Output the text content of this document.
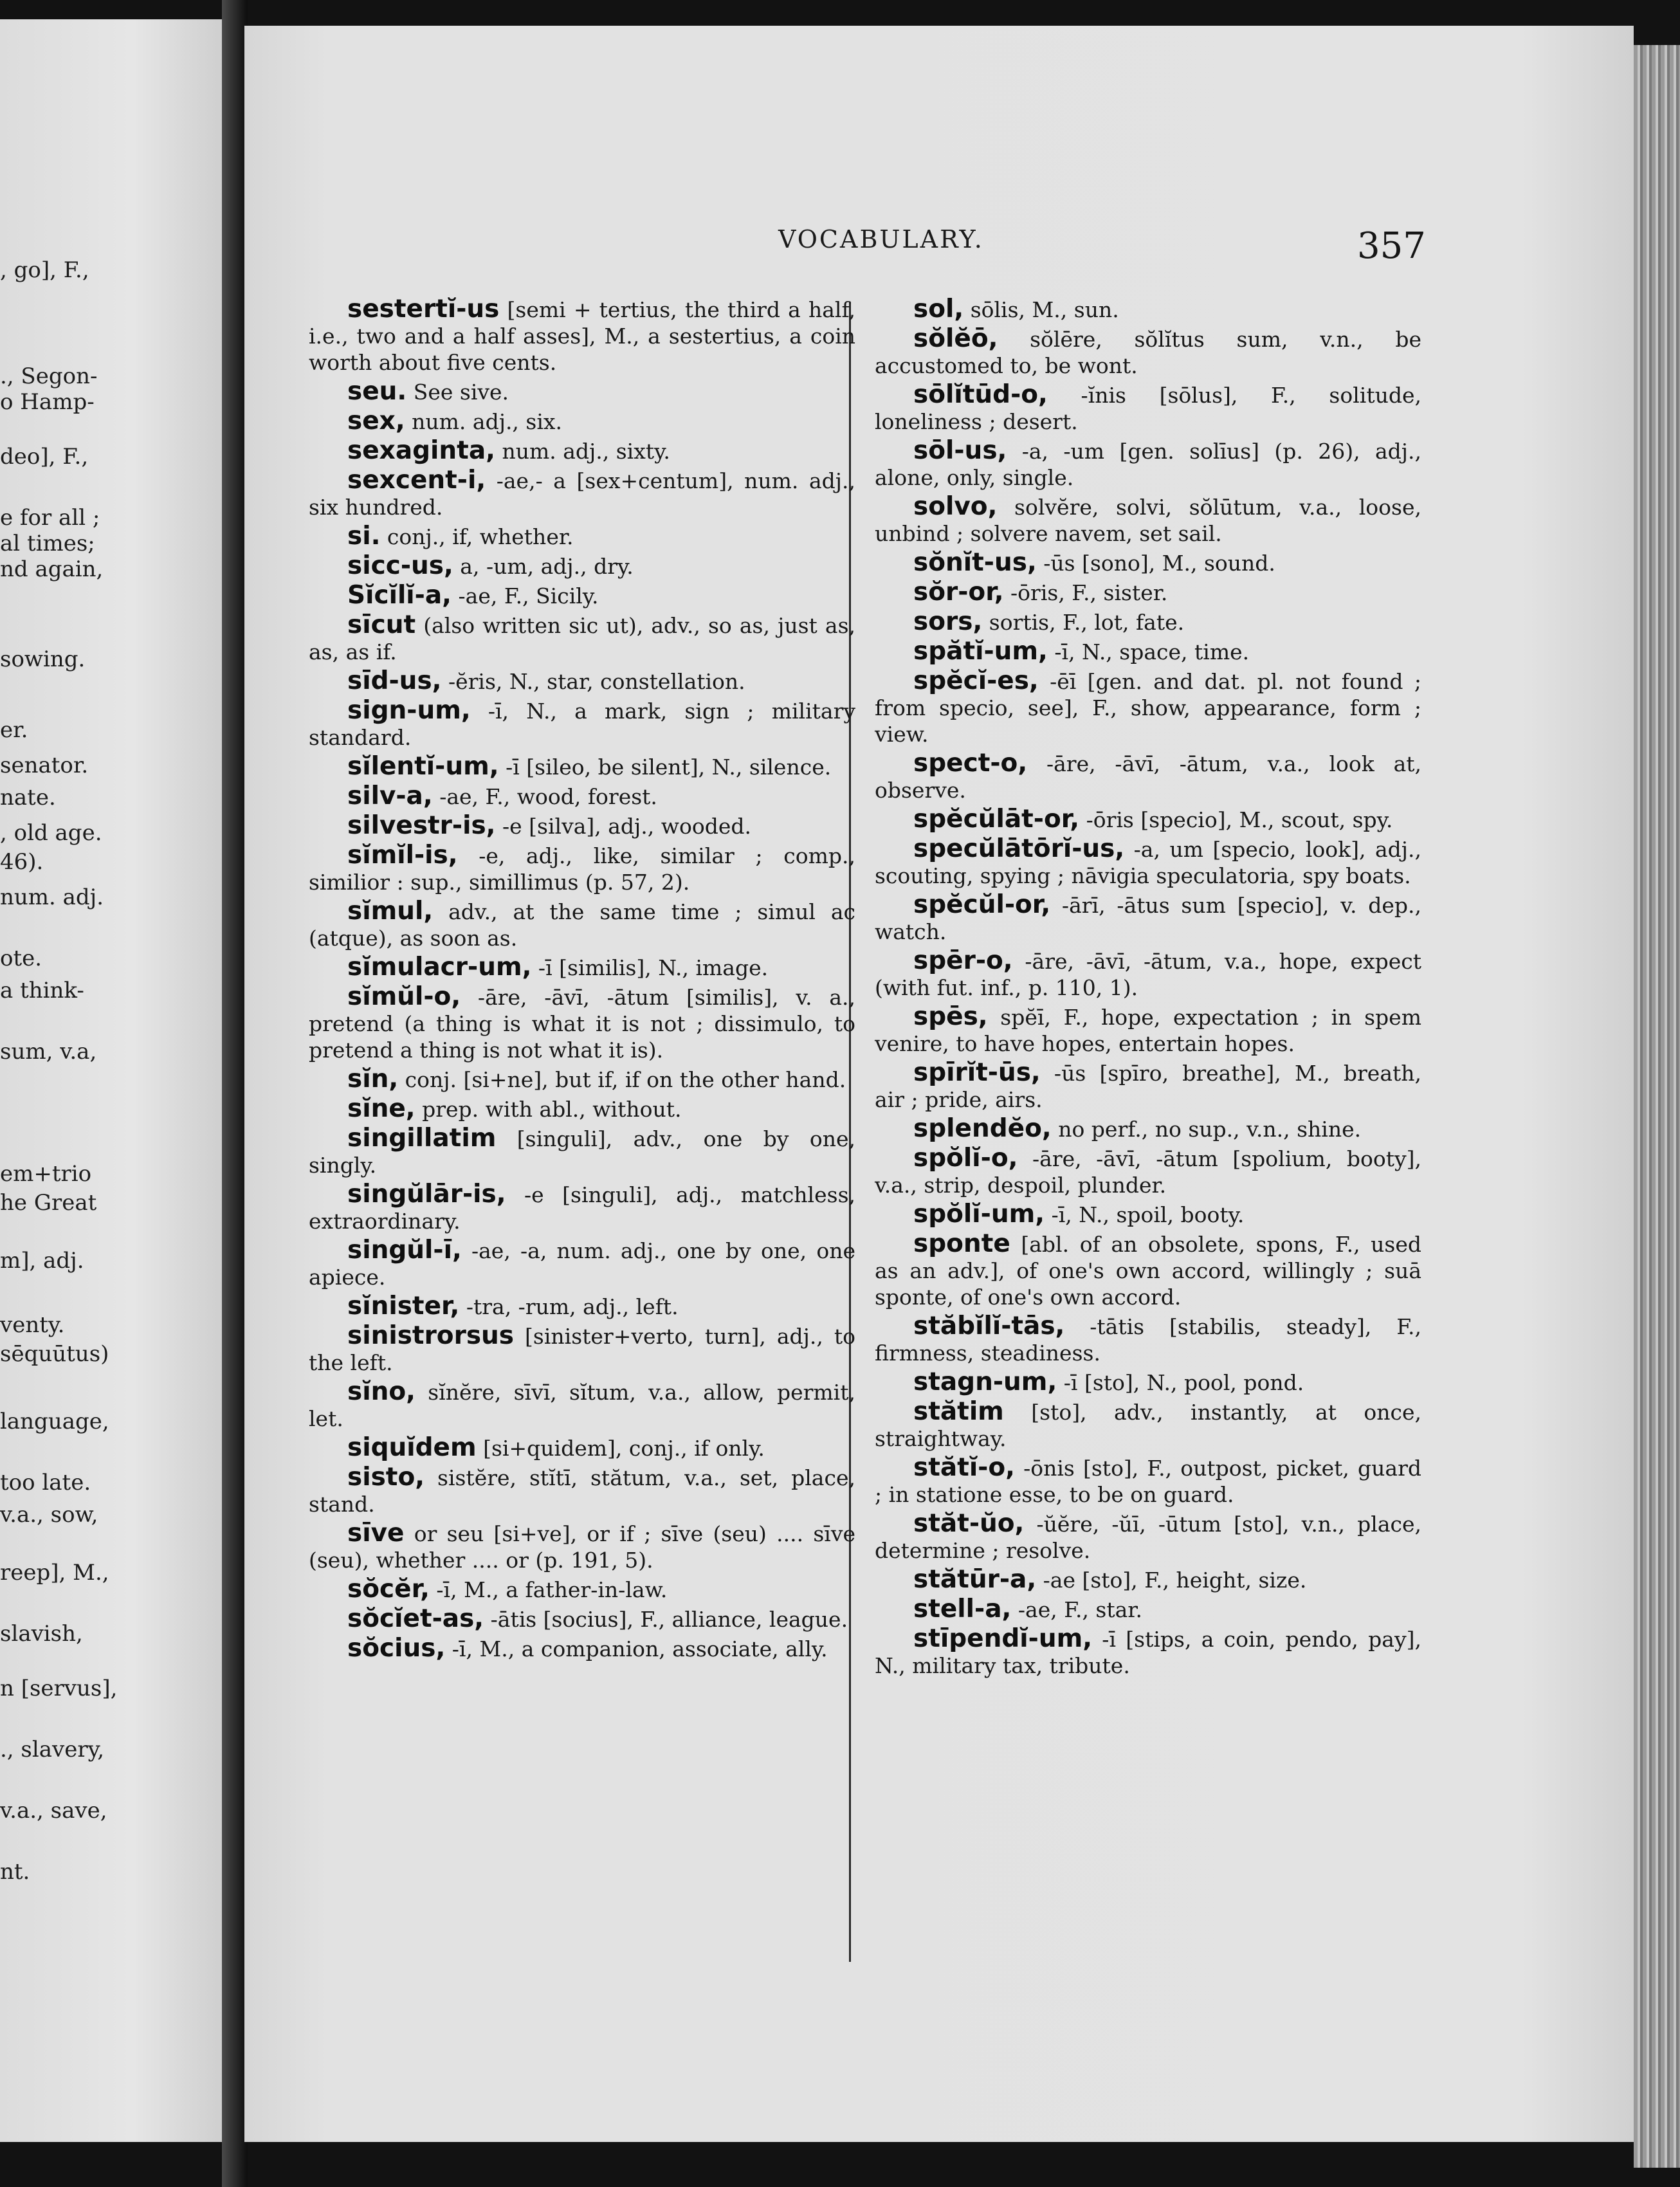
, go], F.,

., Segon-

o Hamp-

deo], F.,

e for all ;

al times;

nd again,

sowing.

er.

senator.

nate.

, old age.

46).

num. adj.

ote.

a think-

sum, v.a,

em+trio

he Great

m], adj.

venty.

sēquūtus)

language,

too late.

v.a., sow,

reep], M.,

slavish,

n [servus],

., slavery,

v.a., save,

nt.

VOCABULARY.	357

sestertĭ-us [semi + tertius, the third a half, i.e., two and a half asses], M., a sestertius, a coin worth about five cents.

seu. See sive.

sex, num. adj., six.

sexaginta, num. adj., sixty.

sexcent-i, -ae,- a [sex+centum], num. adj., six hundred.

si. conj., if, whether.

sicc-us, a, -um, adj., dry.

Sĭcĭlĭ-a, -ae, F., Sicily.

sīcut (also written sic ut), adv., so as, just as, as, as if.

sīd-us, -ĕris, N., star, constellation.

sign-um, -ī, N., a mark, sign ; military standard.

sĭlentĭ-um, -ī [sileo, be silent], N., silence.

silv-a, -ae, F., wood, forest.

silvestr-is, -e [silva], adj., wooded.

sĭmĭl-is, -e, adj., like, similar ; comp., similior : sup., simillimus (p. 57, 2).

sĭmul, adv., at the same time ; simul ac (atque), as soon as.

sĭmulacr-um, -ī [similis], N., image.

sĭmŭl-o, -āre, -āvī, -ātum [similis], v. a., pretend (a thing is what it is not ; dissimulo, to pretend a thing is not what it is).

sĭn, conj. [si+ne], but if, if on the other hand.

sĭne, prep. with abl., without.

singillatim [singuli], adv., one by one, singly.

singŭlār-is, -e [singuli], adj., matchless, extraordinary.

singŭl-ī, -ae, -a, num. adj., one by one, one apiece.

sĭnister, -tra, -rum, adj., left.

sinistrorsus [sinister+verto, turn], adj., to the left.

sĭno, sĭnĕre, sīvī, sĭtum, v.a., allow, permit, let.

siquĭdem [si+quidem], conj., if only.

sisto, sistĕre, stĭtī, stătum, v.a., set, place, stand.

sīve or seu [si+ve], or if ; sīve (seu) .... sīve (seu), whether .... or (p. 191, 5).

sŏcĕr, -ī, M., a father-in-law.

sŏcĭet-as, -ātis [socius], F., alliance, league.

sŏcius, -ī, M., a companion, associate, ally.

sol, sōlis, M., sun.

sŏlĕō, sŏlēre, sŏlĭtus sum, v.n., be accustomed to, be wont.

sōlĭtūd-o, -ĭnis [sōlus], F., solitude, loneliness ; desert.

sōl-us, -a, -um [gen. solīus] (p. 26), adj., alone, only, single.

solvo, solvĕre, solvi, sŏlūtum, v.a., loose, unbind ; solvere navem, set sail.

sŏnĭt-us, -ūs [sono], M., sound.

sŏr-or, -ōris, F., sister.

sors, sortis, F., lot, fate.

spătĭ-um, -ī, N., space, time.

spĕcĭ-es, -ēī [gen. and dat. pl. not found ; from specio, see], F., show, appearance, form ; view.

spect-o, -āre, -āvī, -ātum, v.a., look at, observe.

spĕcŭlāt-or, -ōris [specio], M., scout, spy.

specŭlātōrĭ-us, -a, um [specio, look], adj., scouting, spying ; nāvigia speculatoria, spy boats.

spĕcŭl-or, -ārī, -ātus sum [specio], v. dep., watch.

spēr-o, -āre, -āvī, -ātum, v.a., hope, expect (with fut. inf., p. 110, 1).

spēs, spĕī, F., hope, expectation ; in spem venire, to have hopes, entertain hopes.

spīrĭt-ūs, -ūs [spīro, breathe], M., breath, air ; pride, airs.

splendĕo, no perf., no sup., v.n., shine.

spŏlĭ-o, -āre, -āvī, -ātum [spolium, booty], v.a., strip, despoil, plunder.

spŏlĭ-um, -ī, N., spoil, booty.

sponte [abl. of an obsolete, spons, F., used as an adv.], of one's own accord, willingly ; suā sponte, of one's own accord.

stăbĭlĭ-tās, -tātis [stabilis, steady], F., firmness, steadiness.

stagn-um, -ī [sto], N., pool, pond.

stătim [sto], adv., instantly, at once, straightway.

stătĭ-o, -ōnis [sto], F., outpost, picket, guard ; in statione esse, to be on guard.

stăt-ŭo, -ŭĕre, -ŭī, -ūtum [sto], v.n., place, determine ; resolve.

stătūr-a, -ae [sto], F., height, size.

stell-a, -ae, F., star.

stīpendĭ-um, -ī [stips, a coin, pendo, pay], N., military tax, tribute.
